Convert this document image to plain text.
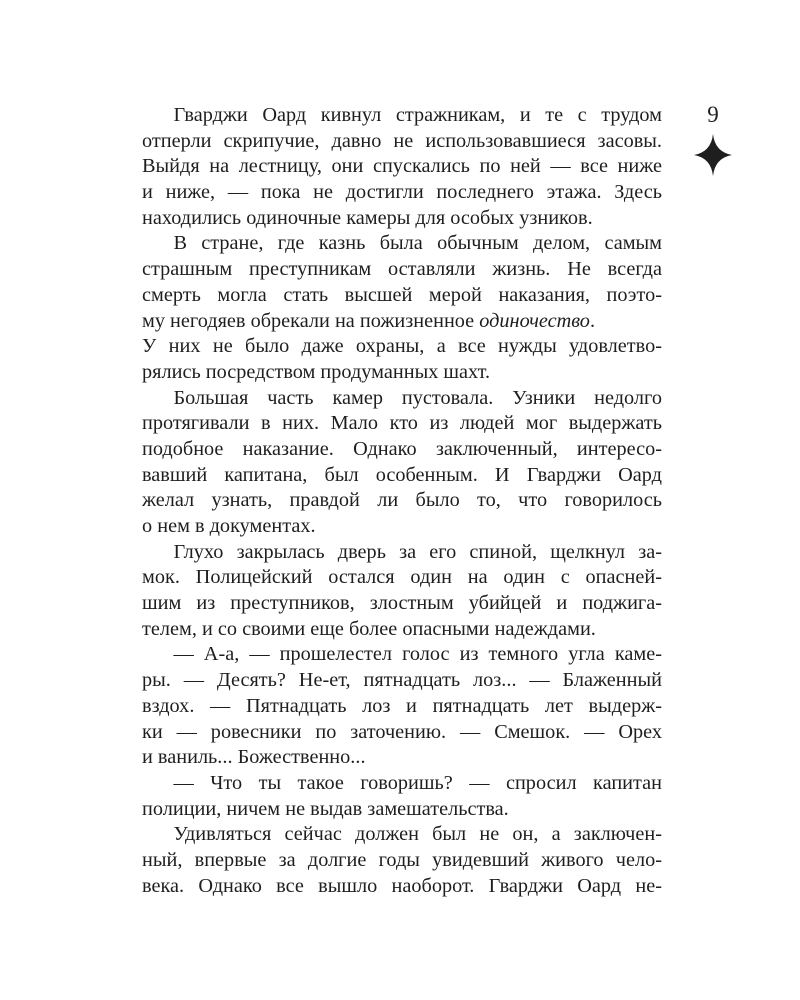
9
Гварджи Оард кивнул стражникам, и те с трудом
отперли скрипучие, давно не использовавшиеся засовы.
Выйдя на лестницу, они спускались по ней — все ниже
и ниже, — пока не достигли последнего этажа. Здесь
находились одиночные камеры для особых узников.
В стране, где казнь была обычным делом, самым
страшным преступникам оставляли жизнь. Не всегда
смерть могла стать высшей мерой наказания, поэто-
му негодяев обрекали на пожизненное одиночество.
У них не было даже охраны, а все нужды удовлетво-
рялись посредством продуманных шахт.
Большая часть камер пустовала. Узники недолго
протягивали в них. Мало кто из людей мог выдержать
подобное наказание. Однако заключенный, интересо-
вавший капитана, был особенным. И Гварджи Оард
желал узнать, правдой ли было то, что говорилось
о нем в документах.
Глухо закрылась дверь за его спиной, щелкнул за-
мок. Полицейский остался один на один с опасней-
шим из преступников, злостным убийцей и поджига-
телем, и со своими еще более опасными надеждами.
— А-а, — прошелестел голос из темного угла каме-
ры. — Десять? Не-ет, пятнадцать лоз... — Блаженный
вздох. — Пятнадцать лоз и пятнадцать лет выдерж-
ки — ровесники по заточению. — Смешок. — Орех
и ваниль... Божественно...
— Что ты такое говоришь? — спросил капитан
полиции, ничем не выдав замешательства.
Удивляться сейчас должен был не он, а заключен-
ный, впервые за долгие годы увидевший живого чело-
века. Однако все вышло наоборот. Гварджи Оард не-
